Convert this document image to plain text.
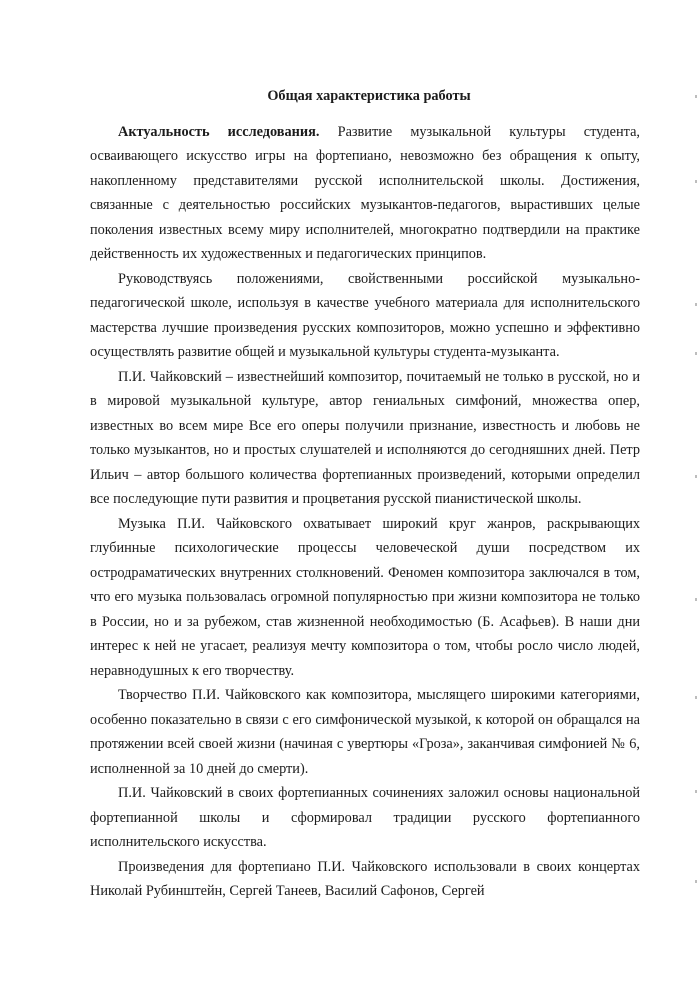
Общая характеристика работы

Актуальность исследования. Развитие музыкальной культуры студента, осваивающего искусство игры на фортепиано, невозможно без обращения к опыту, накопленному представителями русской исполнительской школы. Достижения, связанные с деятельностью российских музыкантов-педагогов, вырастивших целые поколения известных всему миру исполнителей, многократно подтвердили на практике действенность их художественных и педагогических принципов.

Руководствуясь положениями, свойственными российской музыкально-педагогической школе, используя в качестве учебного материала для исполнительского мастерства лучшие произведения русских композиторов, можно успешно и эффективно осуществлять развитие общей и музыкальной культуры студента-музыканта.

П.И. Чайковский – известнейший композитор, почитаемый не только в русской, но и в мировой музыкальной культуре, автор гениальных симфоний, множества опер, известных во всем мире Все его оперы получили признание, известность и любовь не только музыкантов, но и простых слушателей и исполняются до сегодняшних дней. Петр Ильич – автор большого количества фортепианных произведений, которыми определил все последующие пути развития и процветания русской пианистической школы.

Музыка П.И. Чайковского охватывает широкий круг жанров, раскрывающих глубинные психологические процессы человеческой души посредством их остродраматических внутренних столкновений. Феномен композитора заключался в том, что его музыка пользовалась огромной популярностью при жизни композитора не только в России, но и за рубежом, став жизненной необходимостью (Б. Асафьев). В наши дни интерес к ней не угасает, реализуя мечту композитора о том, чтобы росло число людей, неравнодушных к его творчеству.

Творчество П.И. Чайковского как композитора, мыслящего широкими категориями, особенно показательно в связи с его симфонической музыкой, к которой он обращался на протяжении всей своей жизни (начиная с увертюры «Гроза», заканчивая симфонией № 6, исполненной за 10 дней до смерти).

П.И. Чайковский в своих фортепианных сочинениях заложил основы национальной фортепианной школы и сформировал традиции русского фортепианного исполнительского искусства.

Произведения для фортепиано П.И. Чайковского использовали в своих концертах Николай Рубинштейн, Сергей Танеев, Василий Сафонов, Сергей
